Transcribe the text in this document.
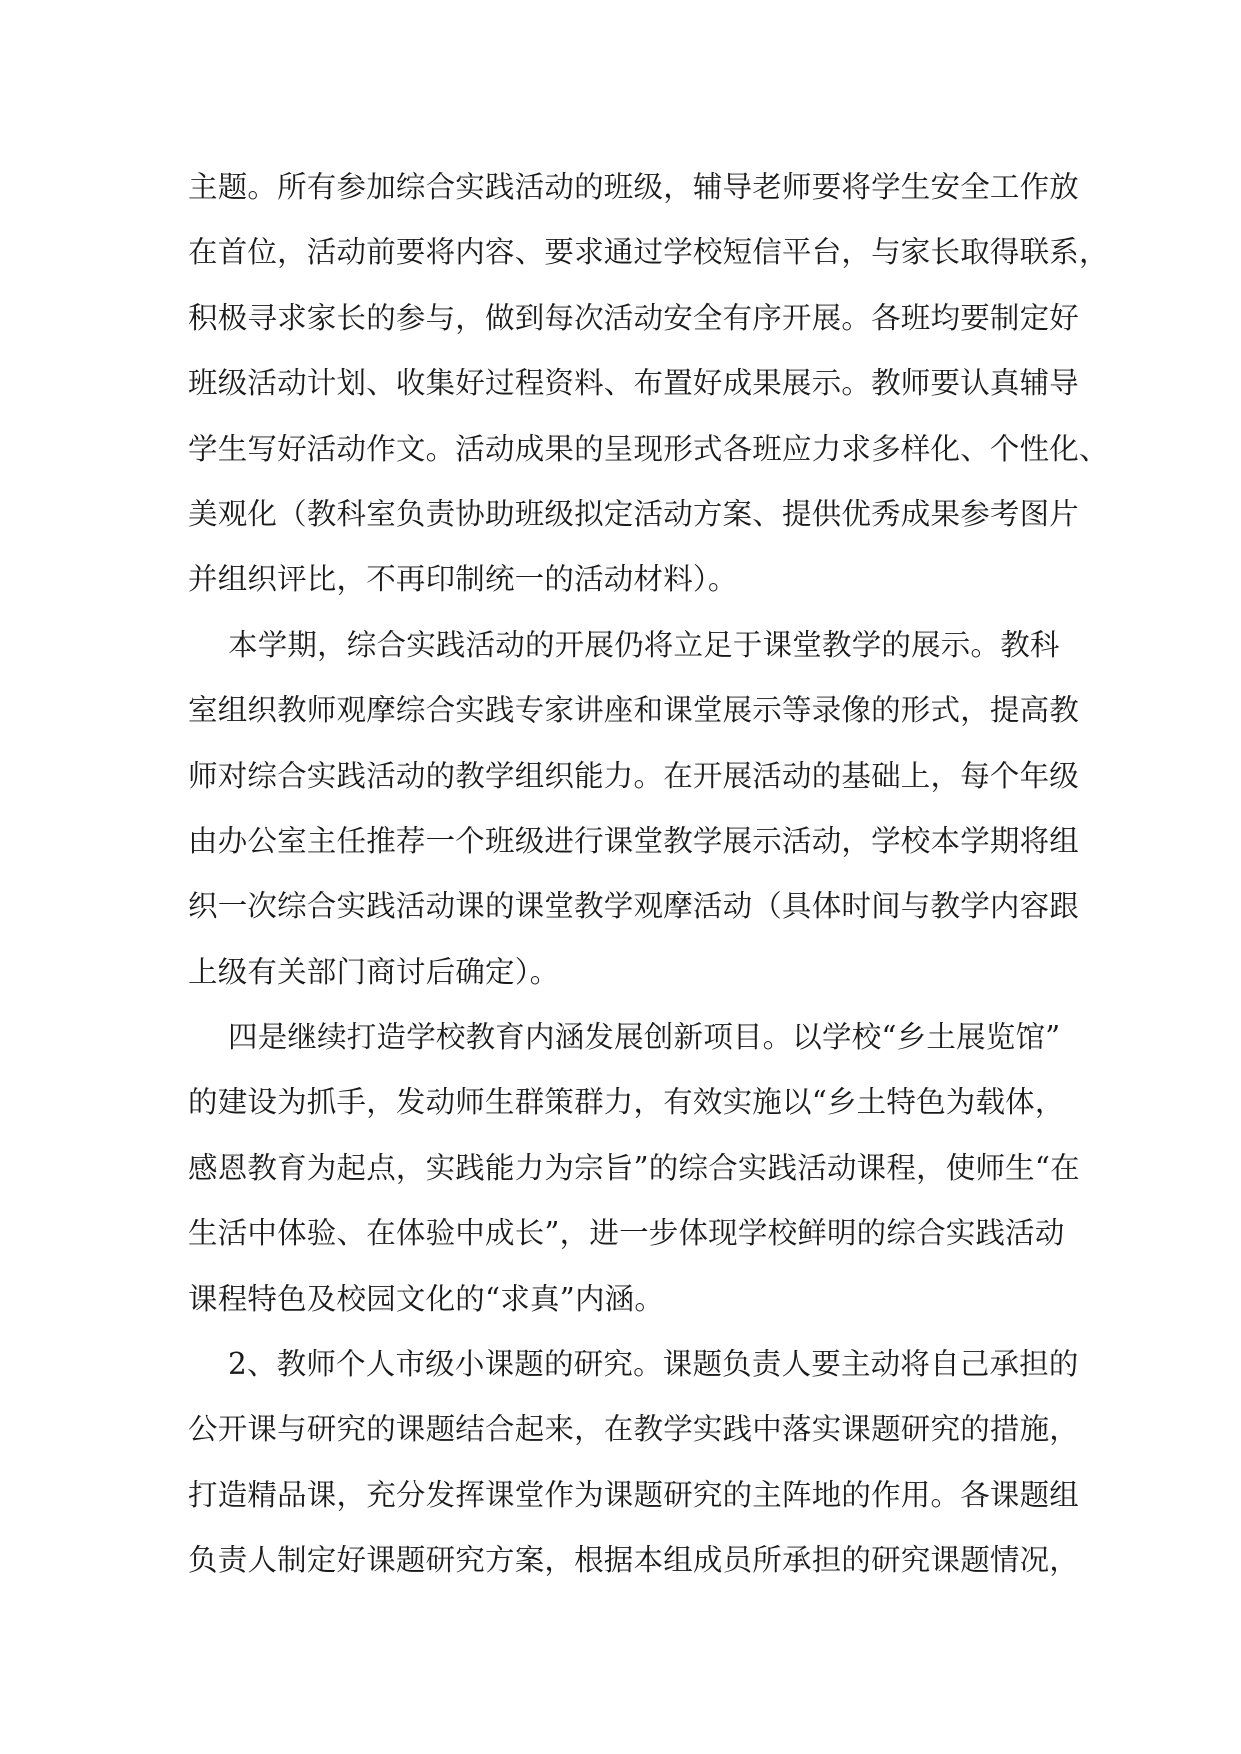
主题。所有参加综合实践活动的班级，辅导老师要将学生安全工作放
在首位，活动前要将内容、要求通过学校短信平台，与家长取得联系，
积极寻求家长的参与，做到每次活动安全有序开展。各班均要制定好
班级活动计划、收集好过程资料、布置好成果展示。教师要认真辅导
学生写好活动作文。活动成果的呈现形式各班应力求多样化、个性化、
美观化（教科室负责协助班级拟定活动方案、提供优秀成果参考图片
并组织评比，不再印制统一的活动材料）。
本学期，综合实践活动的开展仍将立足于课堂教学的展示。教科
室组织教师观摩综合实践专家讲座和课堂展示等录像的形式，提高教
师对综合实践活动的教学组织能力。在开展活动的基础上，每个年级
由办公室主任推荐一个班级进行课堂教学展示活动，学校本学期将组
织一次综合实践活动课的课堂教学观摩活动（具体时间与教学内容跟
上级有关部门商讨后确定）。
四是继续打造学校教育内涵发展创新项目。以学校“乡土展览馆”
的建设为抓手，发动师生群策群力，有效实施以“乡土特色为载体，
感恩教育为起点，实践能力为宗旨”的综合实践活动课程，使师生“在
生活中体验、在体验中成长”，进一步体现学校鲜明的综合实践活动
课程特色及校园文化的“求真”内涵。
2、教师个人市级小课题的研究。课题负责人要主动将自己承担的
公开课与研究的课题结合起来，在教学实践中落实课题研究的措施，
打造精品课，充分发挥课堂作为课题研究的主阵地的作用。各课题组
负责人制定好课题研究方案，根据本组成员所承担的研究课题情况，
